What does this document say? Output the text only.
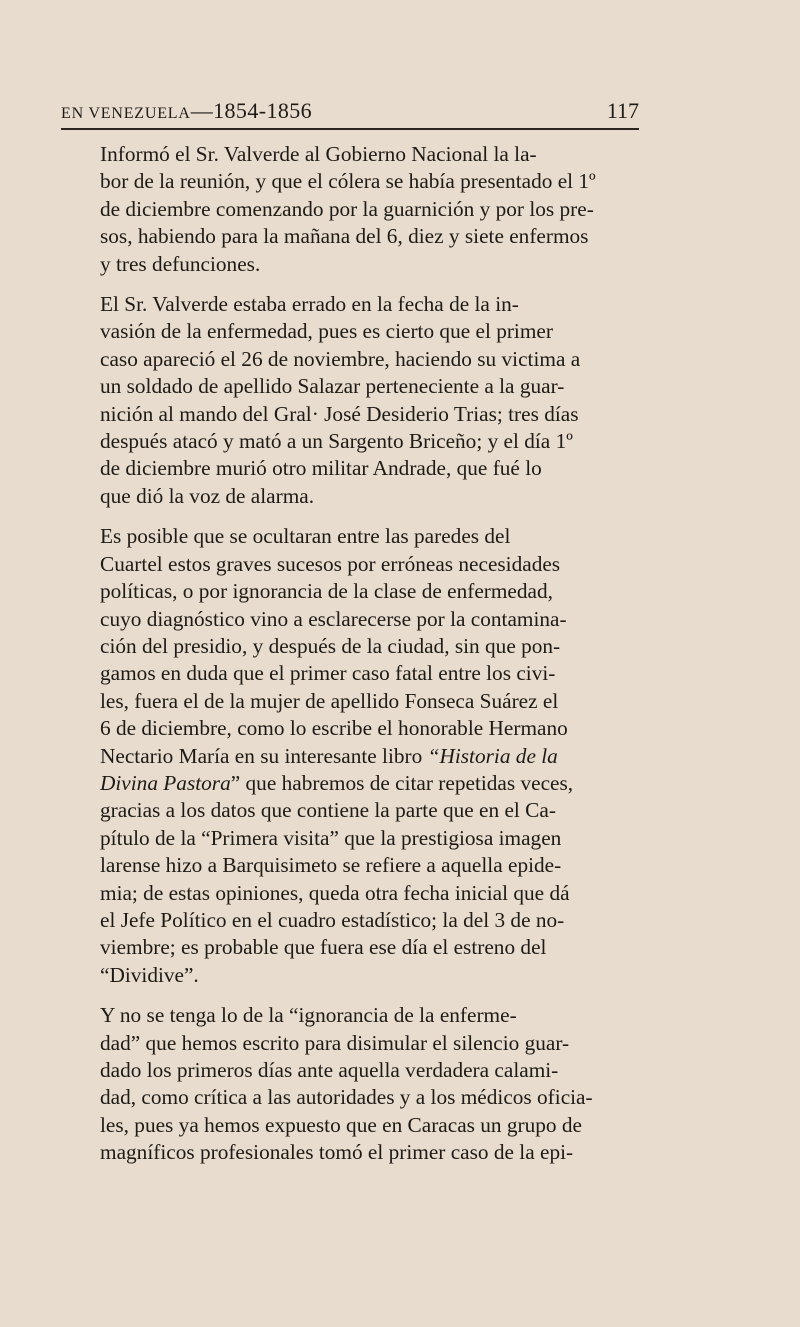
EN VENEZUELA—1854-1856	117

Informó el Sr. Valverde al Gobierno Nacional la la-
bor de la reunión, y que el cólera se había presentado el 1º
de diciembre comenzando por la guarnición y por los pre-
sos, habiendo para la mañana del 6, diez y siete enfermos
y tres defunciones.

El Sr. Valverde estaba errado en la fecha de la in-
vasión de la enfermedad, pues es cierto que el primer
caso apareció el 26 de noviembre, haciendo su victima a
un soldado de apellido Salazar perteneciente a la guar-
nición al mando del Gral· José Desiderio Trias; tres días
después atacó y mató a un Sargento Briceño; y el día 1º
de diciembre murió otro militar Andrade, que fué lo
que dió la voz de alarma.

Es posible que se ocultaran entre las paredes del
Cuartel estos graves sucesos por erróneas necesidades
políticas, o por ignorancia de la clase de enfermedad,
cuyo diagnóstico vino a esclarecerse por la contamina-
ción del presidio, y después de la ciudad, sin que pon-
gamos en duda que el primer caso fatal entre los civi-
les, fuera el de la mujer de apellido Fonseca Suárez el
6 de diciembre, como lo escribe el honorable Hermano
Nectario María en su interesante libro “Historia de la
Divina Pastora” que habremos de citar repetidas veces,
gracias a los datos que contiene la parte que en el Ca-
pítulo de la “Primera visita” que la prestigiosa imagen
larense hizo a Barquisimeto se refiere a aquella epide-
mia; de estas opiniones, queda otra fecha inicial que dá
el Jefe Político en el cuadro estadístico; la del 3 de no-
viembre; es probable que fuera ese día el estreno del
“Dividive”.

Y no se tenga lo de la “ignorancia de la enferme-
dad” que hemos escrito para disimular el silencio guar-
dado los primeros días ante aquella verdadera calami-
dad, como crítica a las autoridades y a los médicos oficia-
les, pues ya hemos expuesto que en Caracas un grupo de
magníficos profesionales tomó el primer caso de la epi-
